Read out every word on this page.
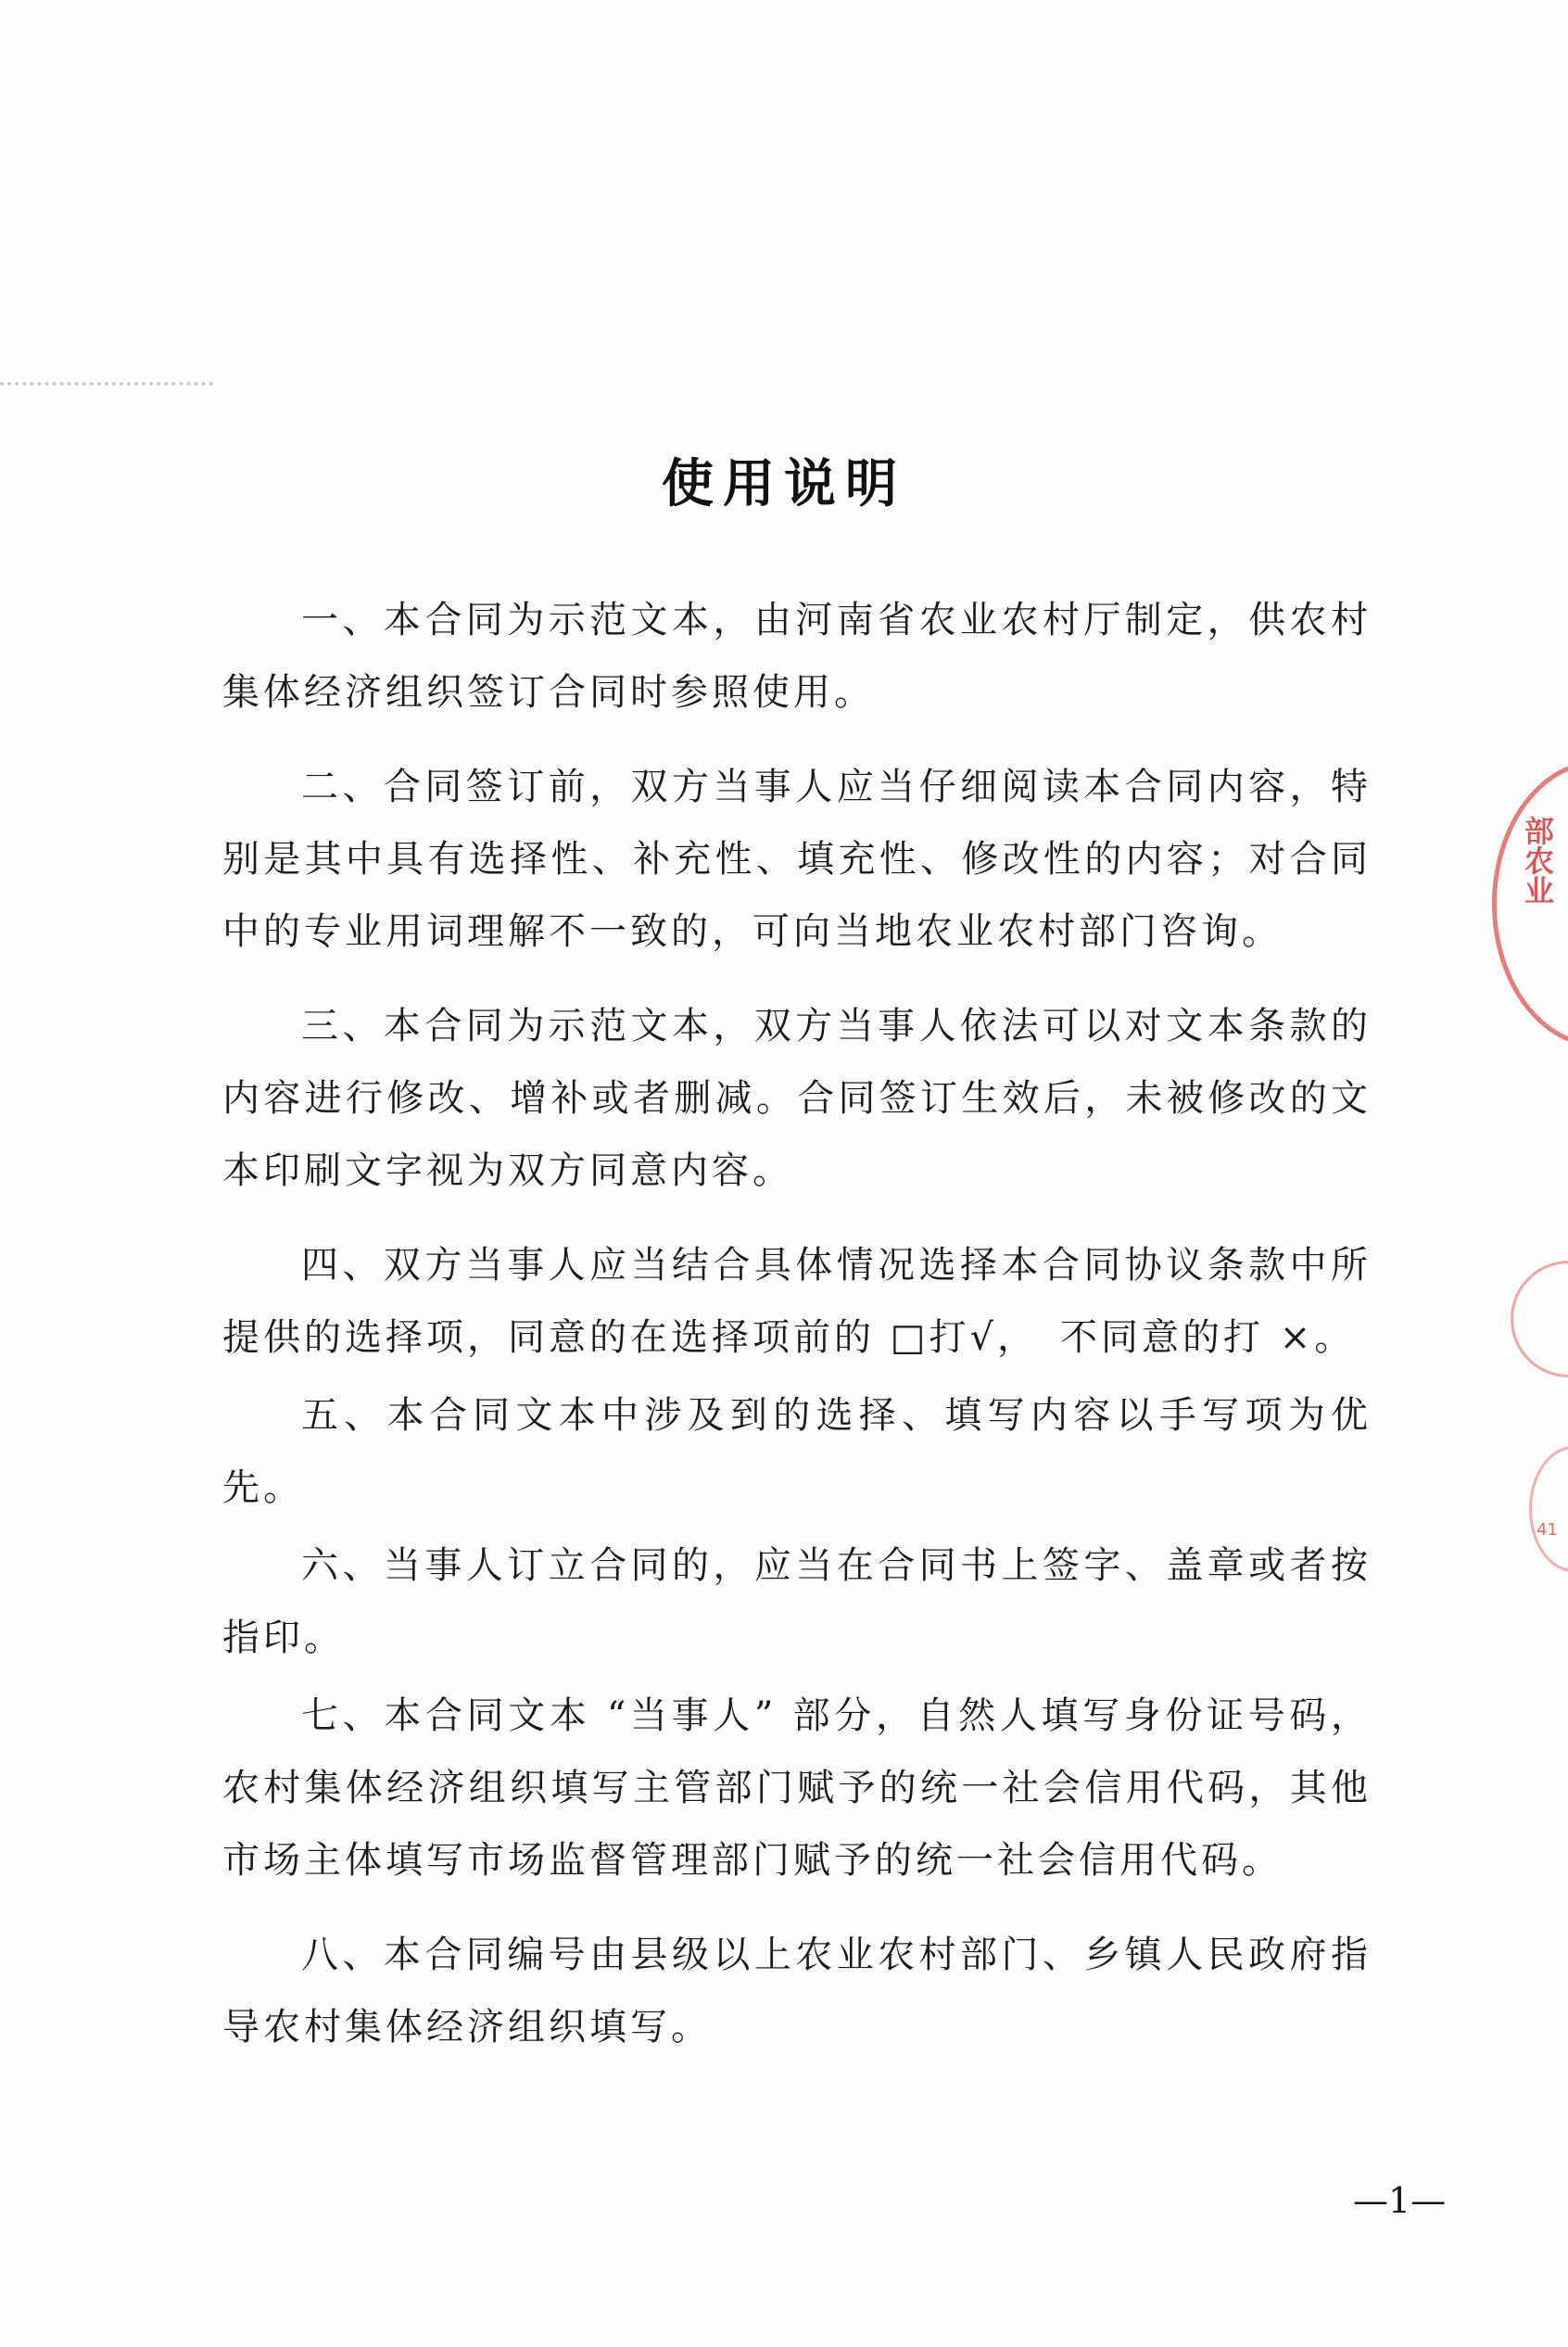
使用说明

一、本合同为示范文本，由河南省农业农村厅制定，供农村集体经济组织签订合同时参照使用。

二、合同签订前，双方当事人应当仔细阅读本合同内容，特别是其中具有选择性、补充性、填充性、修改性的内容；对合同中的专业用词理解不一致的，可向当地农业农村部门咨询。

三、本合同为示范文本，双方当事人依法可以对文本条款的内容进行修改、增补或者删减。合同签订生效后，未被修改的文本印刷文字视为双方同意内容。

四、双方当事人应当结合具体情况选择本合同协议条款中所提供的选择项，同意的在选择项前的 □打√，　不同意的打 ×。

五、本合同文本中涉及到的选择、填写内容以手写项为优先。

六、当事人订立合同的，应当在合同书上签字、盖章或者按指印。

七、本合同文本 “当事人” 部分，自然人填写身份证号码，农村集体经济组织填写主管部门赋予的统一社会信用代码，其他市场主体填写市场监督管理部门赋予的统一社会信用代码。

八、本合同编号由县级以上农业农村部门、乡镇人民政府指导农村集体经济组织填写。

部农业
41
—1—
